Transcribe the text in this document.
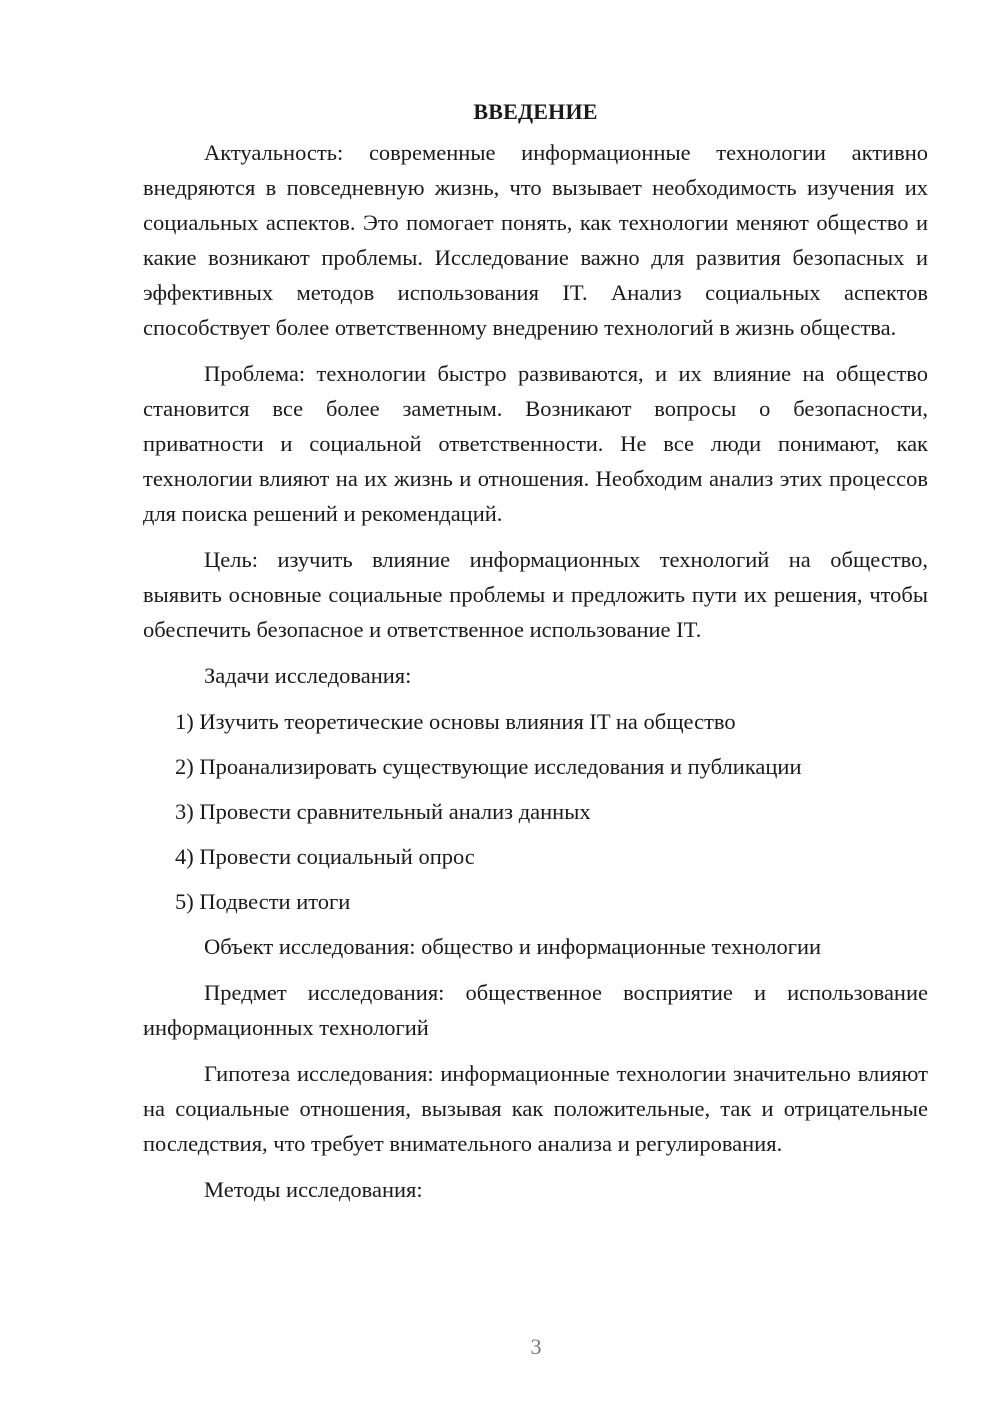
ВВЕДЕНИЕ

Актуальность: современные информационные технологии активно внедряются в повседневную жизнь, что вызывает необходимость изучения их социальных аспектов. Это помогает понять, как технологии меняют общество и какие возникают проблемы. Исследование важно для развития безопасных и эффективных методов использования IT. Анализ социальных аспектов способствует более ответственному внедрению технологий в жизнь общества.

Проблема: технологии быстро развиваются, и их влияние на общество становится все более заметным. Возникают вопросы о безопасности, приватности и социальной ответственности. Не все люди понимают, как технологии влияют на их жизнь и отношения. Необходим анализ этих процессов для поиска решений и рекомендаций.

Цель: изучить влияние информационных технологий на общество, выявить основные социальные проблемы и предложить пути их решения, чтобы обеспечить безопасное и ответственное использование IT.

Задачи исследования:

1) Изучить теоретические основы влияния IT на общество
2) Проанализировать существующие исследования и публикации
3) Провести сравнительный анализ данных
4) Провести социальный опрос
5) Подвести итоги

Объект исследования: общество и информационные технологии

Предмет исследования: общественное восприятие и использование информационных технологий

Гипотеза исследования: информационные технологии значительно влияют на социальные отношения, вызывая как положительные, так и отрицательные последствия, что требует внимательного анализа и регулирования.

Методы исследования:

3
